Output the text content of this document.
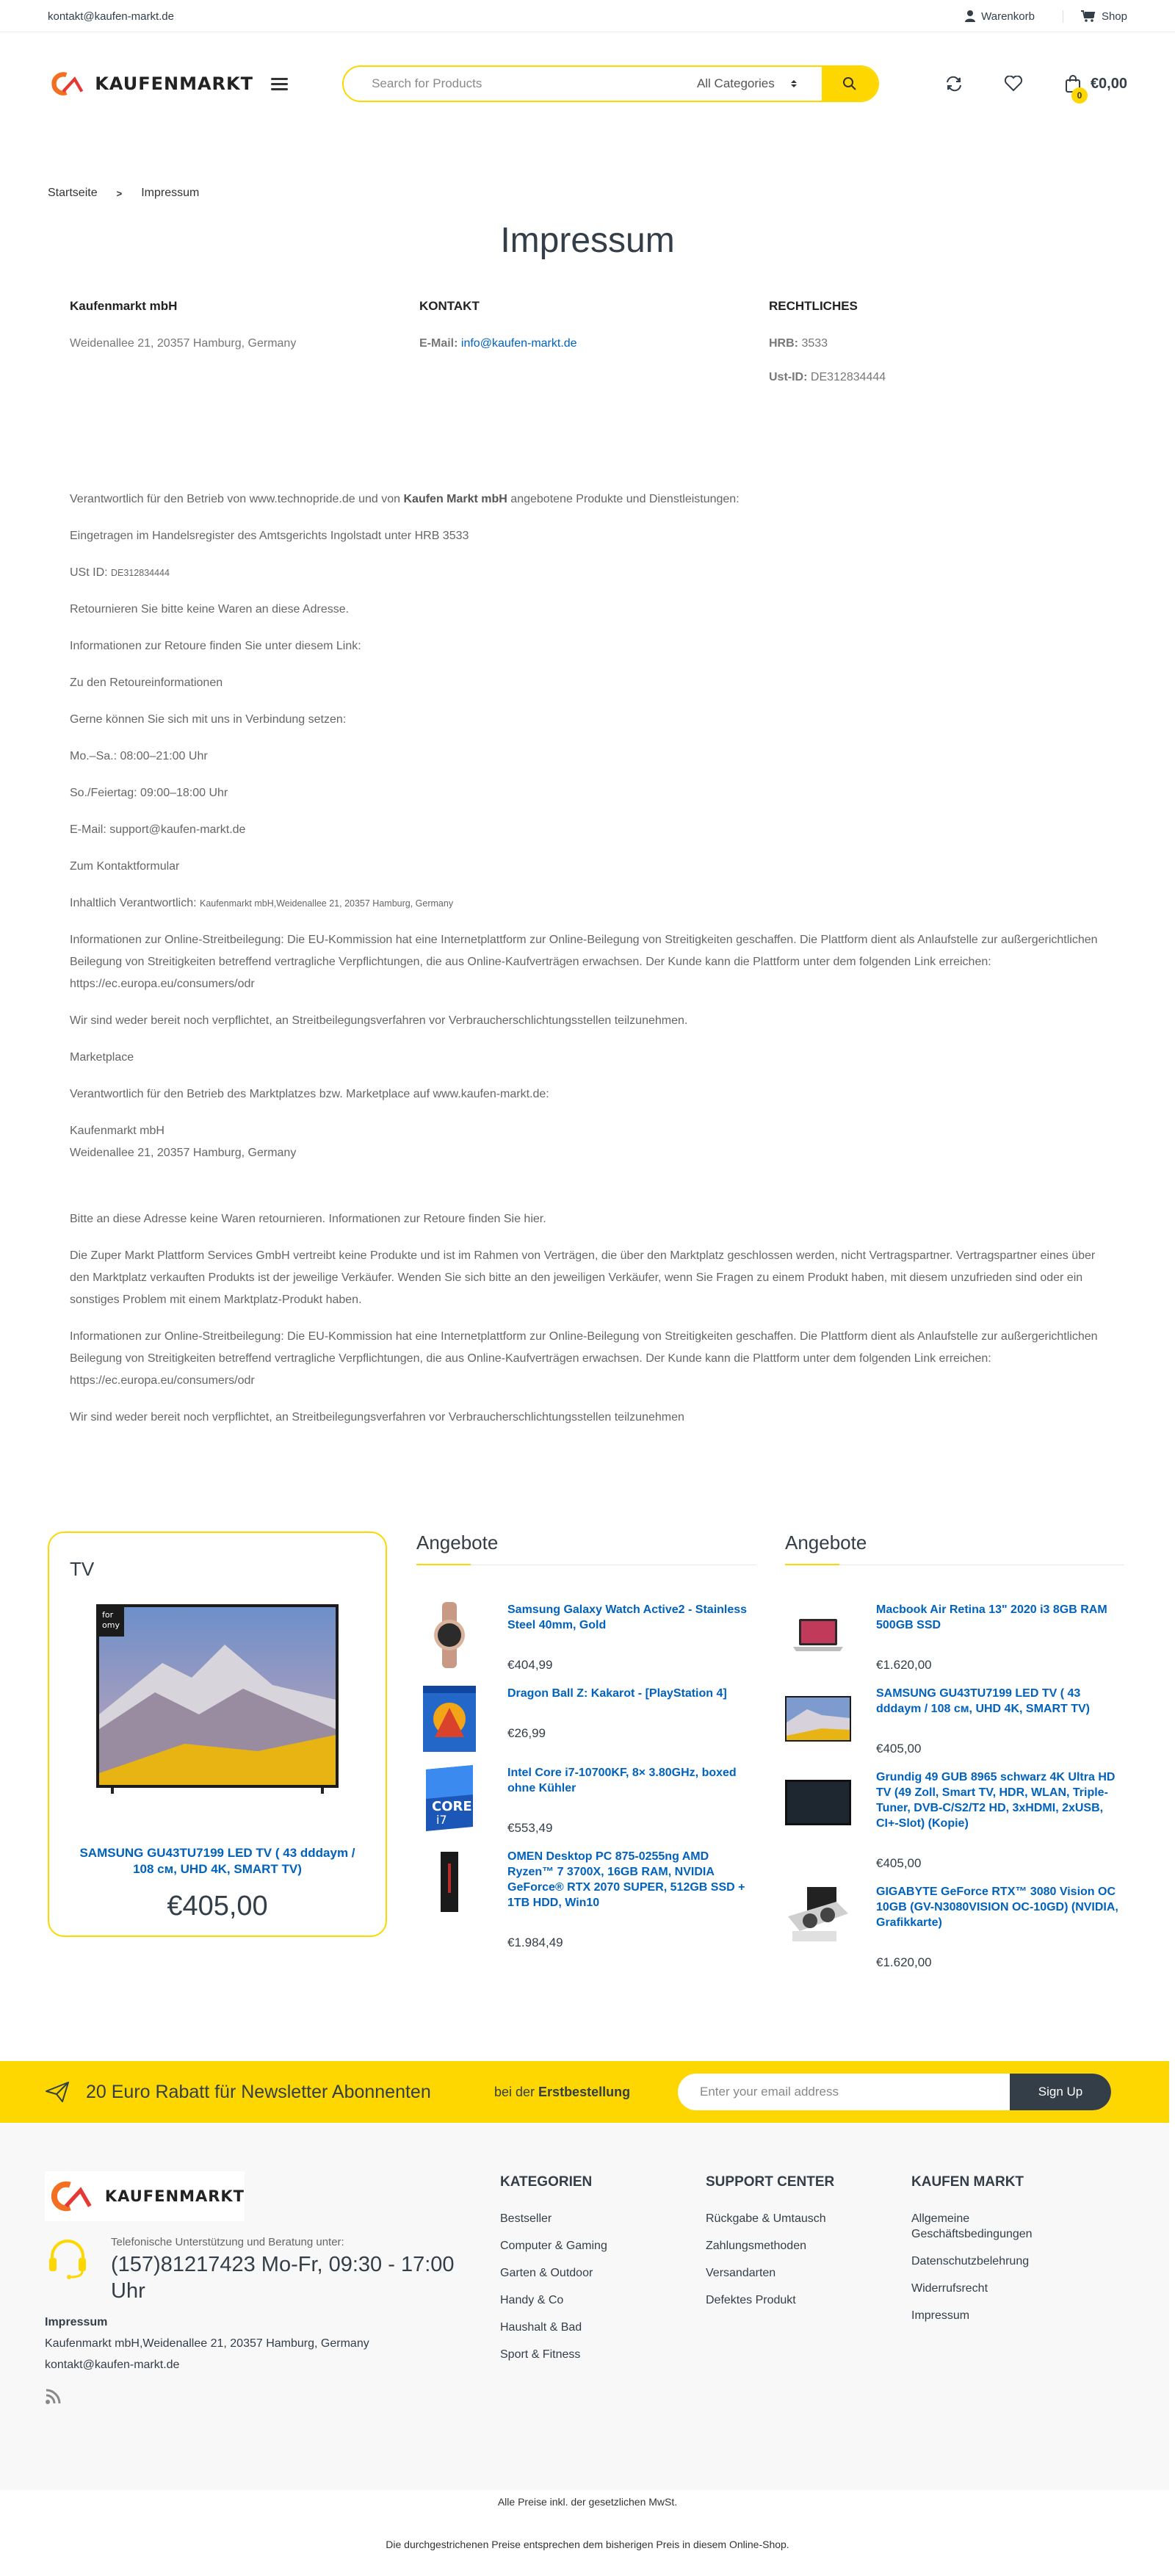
kontakt@kaufen-markt.de	Warenkorb	Shop
KAUFENMARKT	Search for Products	All Categories
0
€0,00
Startseite > Impressum
Impressum
Kaufenmarkt mbH

Weidenallee 21, 20357 Hamburg, Germany

KONTAKT

E-Mail: info@kaufen-markt.de

RECHTLICHES

HRB: 3533

Ust-ID: DE312834444

Verantwortlich für den Betrieb von www.technopride.de und von Kaufen Markt mbH angebotene Produkte und Dienstleistungen:

Eingetragen im Handelsregister des Amtsgerichts Ingolstadt unter HRB 3533

USt ID: DE312834444

Retournieren Sie bitte keine Waren an diese Adresse.

Informationen zur Retoure finden Sie unter diesem Link:

Zu den Retoureinformationen

Gerne können Sie sich mit uns in Verbindung setzen:

Mo.–Sa.: 08:00–21:00 Uhr

So./Feiertag: 09:00–18:00 Uhr

E-Mail: support@kaufen-markt.de

Zum Kontaktformular

Inhaltlich Verantwortlich: Kaufenmarkt mbH,Weidenallee 21, 20357 Hamburg, Germany

Informationen zur Online-Streitbeilegung: Die EU-Kommission hat eine Internetplattform zur Online-Beilegung von Streitigkeiten geschaffen. Die Plattform dient als Anlaufstelle zur außergerichtlichen Beilegung von Streitigkeiten betreffend vertragliche Verpflichtungen, die aus Online-Kaufverträgen erwachsen. Der Kunde kann die Plattform unter dem folgenden Link erreichen: https://ec.europa.eu/consumers/odr

Wir sind weder bereit noch verpflichtet, an Streitbeilegungsverfahren vor Verbraucherschlichtungsstellen teilzunehmen.

Marketplace

Verantwortlich für den Betrieb des Marktplatzes bzw. Marketplace auf www.kaufen-markt.de:

Kaufenmarkt mbH
Weidenallee 21, 20357 Hamburg, Germany

Bitte an diese Adresse keine Waren retournieren. Informationen zur Retoure finden Sie hier.

Die Zuper Markt Plattform Services GmbH vertreibt keine Produkte und ist im Rahmen von Verträgen, die über den Marktplatz geschlossen werden, nicht Vertragspartner. Vertragspartner eines über den Marktplatz verkauften Produkts ist der jeweilige Verkäufer. Wenden Sie sich bitte an den jeweiligen Verkäufer, wenn Sie Fragen zu einem Produkt haben, mit diesem unzufrieden sind oder ein sonstiges Problem mit einem Marktplatz-Produkt haben.

Informationen zur Online-Streitbeilegung: Die EU-Kommission hat eine Internetplattform zur Online-Beilegung von Streitigkeiten geschaffen. Die Plattform dient als Anlaufstelle zur außergerichtlichen Beilegung von Streitigkeiten betreffend vertragliche Verpflichtungen, die aus Online-Kaufverträgen erwachsen. Der Kunde kann die Plattform unter dem folgenden Link erreichen: https://ec.europa.eu/consumers/odr

Wir sind weder bereit noch verpflichtet, an Streitbeilegungsverfahren vor Verbraucherschlichtungsstellen teilzunehmen

TV
for
omy
SAMSUNG GU43TU7199 LED TV ( 43 dddaym / 108 см, UHD 4K, SMART TV)
€405,00
Angebote
Samsung Galaxy Watch Active2 - Stainless Steel 40mm, Gold
€404,99
Dragon Ball Z: Kakarot - [PlayStation 4]
€26,99
CORE
i7
Intel Core i7-10700KF, 8× 3.80GHz, boxed ohne Kühler
€553,49
OMEN Desktop PC 875-0255ng AMD Ryzen™ 7 3700X, 16GB RAM, NVIDIA GeForce® RTX 2070 SUPER, 512GB SSD + 1TB HDD, Win10
€1.984,49
Angebote
Macbook Air Retina 13" 2020 i3 8GB RAM 500GB SSD
€1.620,00
SAMSUNG GU43TU7199 LED TV ( 43 dddaym / 108 см, UHD 4K, SMART TV)
€405,00
Grundig 49 GUB 8965 schwarz 4K Ultra HD TV (49 Zoll, Smart TV, HDR, WLAN, Triple-Tuner, DVB-C/S2/T2 HD, 3xHDMI, 2xUSB, CI+-Slot) (Kopie)
€405,00
GIGABYTE GeForce RTX™ 3080 Vision OC 10GB (GV-N3080VISION OC-10GD) (NVIDIA, Grafikkarte)
€1.620,00
20 Euro Rabatt für Newsletter Abonnenten	bei der Erstbestellung	Enter your email address	Sign Up
KAUFENMARKT
Telefonische Unterstützung und Beratung unter:
(157)81217423 Mo-Fr, 09:30 - 17:00 Uhr
Impressum
Kaufenmarkt mbH,Weidenallee 21, 20357 Hamburg, Germany
kontakt@kaufen-markt.de
KATEGORIEN
Bestseller
Computer & Gaming
Garten & Outdoor
Handy & Co
Haushalt & Bad
Sport & Fitness
SUPPORT CENTER
Rückgabe & Umtausch
Zahlungsmethoden
Versandarten
Defektes Produkt
KAUFEN MARKT
Allgemeine Geschäftsbedingungen
Datenschutzbelehrung
Widerrufsrecht
Impressum
Alle Preise inkl. der gesetzlichen MwSt.
Die durchgestrichenen Preise entsprechen dem bisherigen Preis in diesem Online-Shop.
